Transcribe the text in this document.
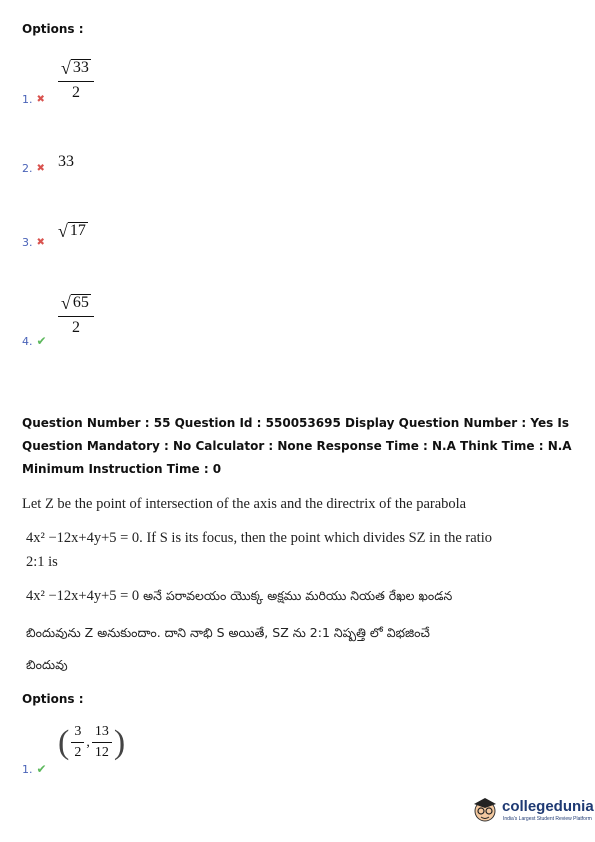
Options :
1. ✖ $\frac{√ 33}{2}$
2. ✖ 33
3. ✖
√ 17
4. ✔
$\frac{√ 65}{2}$
Question Number : 55 Question Id : 550053695 Display Question Number : Yes Is Question Mandatory : No Calculator : None Response Time : N.A Think Time : N.A Minimum Instruction Time : 0
Let Z be the point of intersection of the axis and the directrix of the parabola
4x² −12x+4y+5 = 0. If S is its focus, then the point which divides SZ in the ratio
2:1 is
4x² −12x+4y+5 = 0 అనే పరావలయం యొక్క అక్షము మరియు నియత రేఖల ఖండన
బిందువును Z అనుకుందాం. దాని నాభి S అయితే, SZ ను 2:1 నిష్పత్తి లో విభజించే
బిందువు
Options :
1. ✔
( $\frac{3}{2}$ , $\frac{13}{12}$ )
collegedunia
India's Largest Student Review Platform
